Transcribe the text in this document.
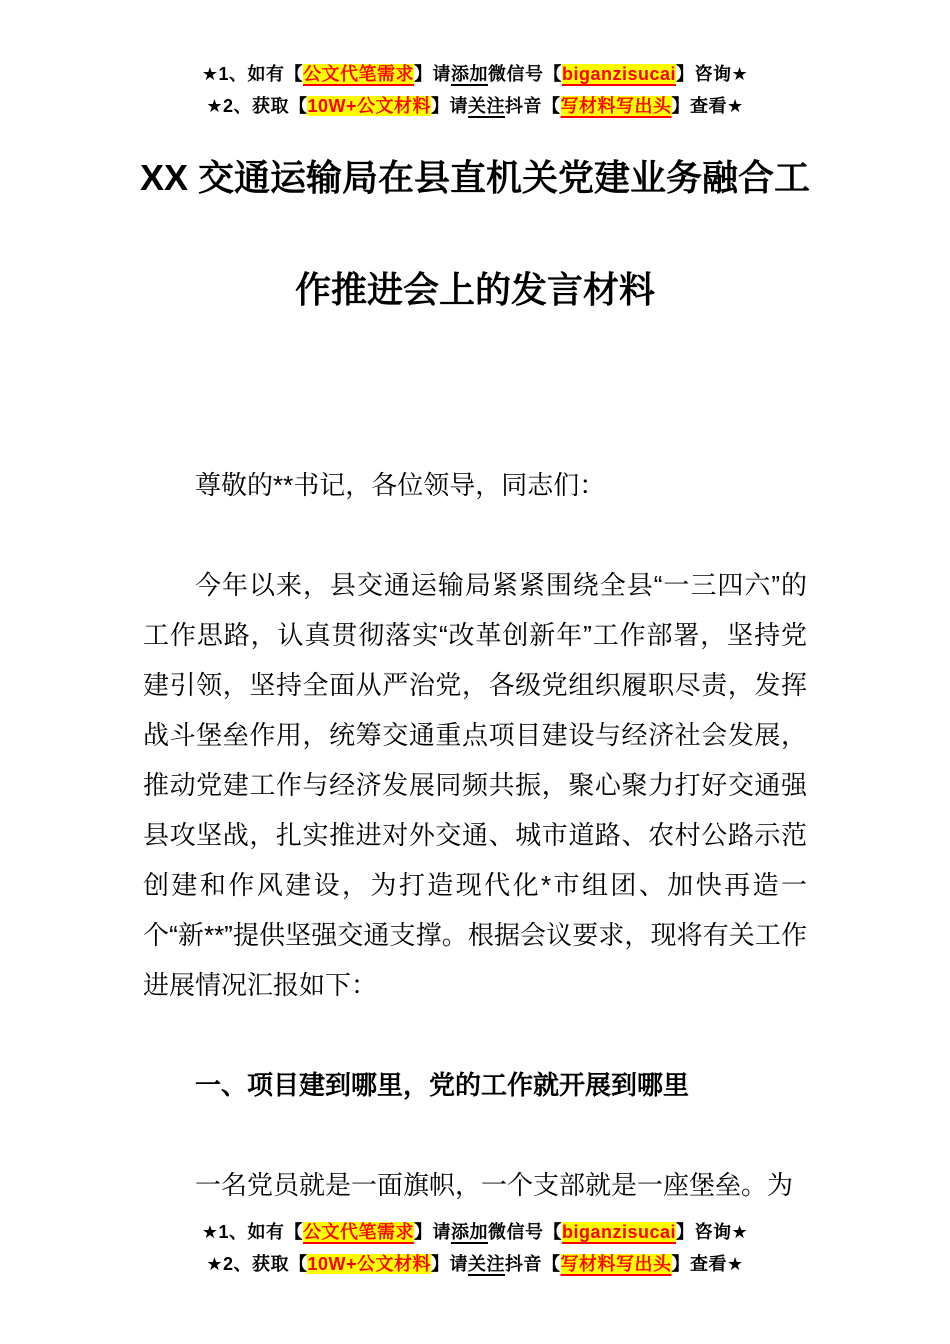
★1、如有【公文代笔需求】请添加微信号【biganzisucai】咨询★
★2、获取【10W+公文材料】请关注抖音【写材料写出头】查看★
XX 交通运输局在县直机关党建业务融合工
作推进会上的发言材料

尊敬的**书记，各位领导，同志们：

今年以来，县交通运输局紧紧围绕全县“一三四六”的工作思路，认真贯彻落实“改革创新年”工作部署，坚持党建引领，坚持全面从严治党，各级党组织履职尽责，发挥战斗堡垒作用，统筹交通重点项目建设与经济社会发展，推动党建工作与经济发展同频共振，聚心聚力打好交通强县攻坚战，扎实推进对外交通、城市道路、农村公路示范创建和作风建设，为打造现代化*市组团、加快再造一个“新**”提供坚强交通支撑。根据会议要求，现将有关工作进展情况汇报如下：

一、项目建到哪里，党的工作就开展到哪里

一名党员就是一面旗帜，一个支部就是一座堡垒。为

★1、如有【公文代笔需求】请添加微信号【biganzisucai】咨询★
★2、获取【10W+公文材料】请关注抖音【写材料写出头】查看★
